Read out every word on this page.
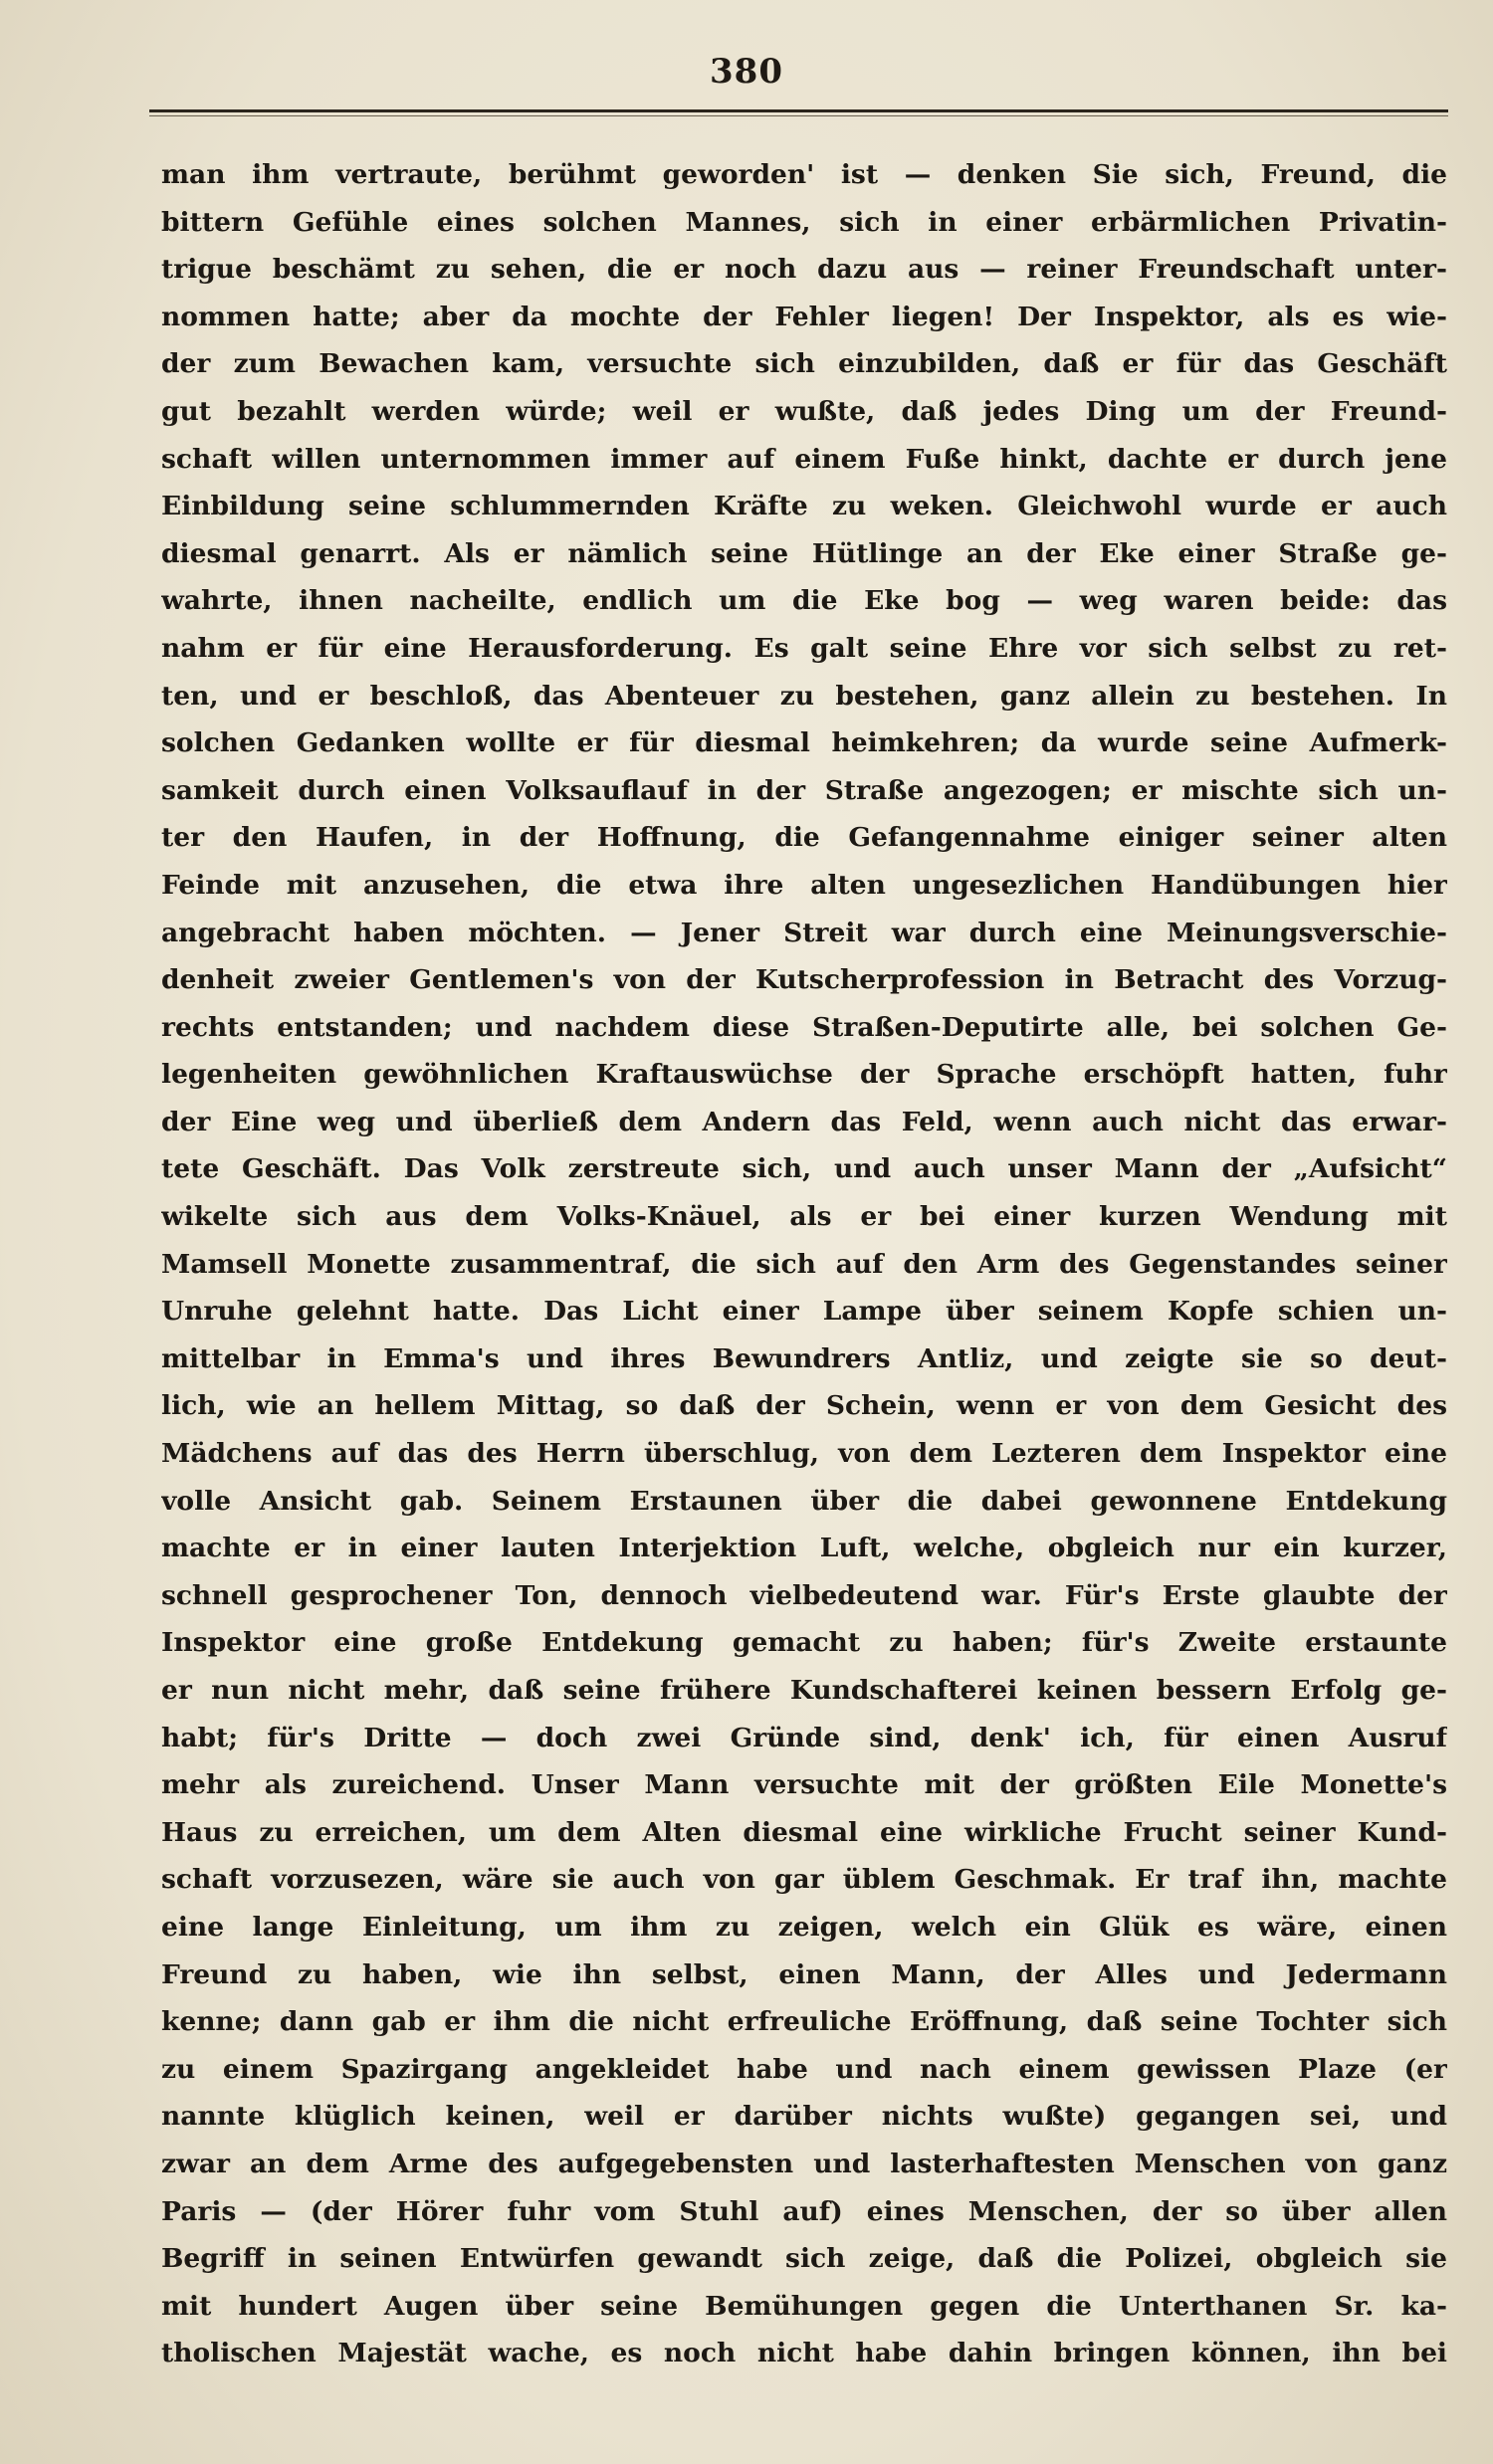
380
man ihm vertraute, berühmt geworden' ist — denken Sie sich, Freund, die
bittern Gefühle eines solchen Mannes, sich in einer erbärmlichen Privatin-
trigue beschämt zu sehen, die er noch dazu aus — reiner Freundschaft unter-
nommen hatte; aber da mochte der Fehler liegen! Der Inspektor, als es wie-
der zum Bewachen kam, versuchte sich einzubilden, daß er für das Geschäft
gut bezahlt werden würde; weil er wußte, daß jedes Ding um der Freund-
schaft willen unternommen immer auf einem Fuße hinkt, dachte er durch jene
Einbildung seine schlummernden Kräfte zu weken. Gleichwohl wurde er auch
diesmal genarrt. Als er nämlich seine Hütlinge an der Eke einer Straße ge-
wahrte, ihnen nacheilte, endlich um die Eke bog — weg waren beide: das
nahm er für eine Herausforderung. Es galt seine Ehre vor sich selbst zu ret-
ten, und er beschloß, das Abenteuer zu bestehen, ganz allein zu bestehen. In
solchen Gedanken wollte er für diesmal heimkehren; da wurde seine Aufmerk-
samkeit durch einen Volksauflauf in der Straße angezogen; er mischte sich un-
ter den Haufen, in der Hoffnung, die Gefangennahme einiger seiner alten
Feinde mit anzusehen, die etwa ihre alten ungesezlichen Handübungen hier
angebracht haben möchten. — Jener Streit war durch eine Meinungsverschie-
denheit zweier Gentlemen's von der Kutscherprofession in Betracht des Vorzug-
rechts entstanden; und nachdem diese Straßen-Deputirte alle, bei solchen Ge-
legenheiten gewöhnlichen Kraftauswüchse der Sprache erschöpft hatten, fuhr
der Eine weg und überließ dem Andern das Feld, wenn auch nicht das erwar-
tete Geschäft. Das Volk zerstreute sich, und auch unser Mann der „Aufsicht“
wikelte sich aus dem Volks-Knäuel, als er bei einer kurzen Wendung mit
Mamsell Monette zusammentraf, die sich auf den Arm des Gegenstandes seiner
Unruhe gelehnt hatte. Das Licht einer Lampe über seinem Kopfe schien un-
mittelbar in Emma's und ihres Bewundrers Antliz, und zeigte sie so deut-
lich, wie an hellem Mittag, so daß der Schein, wenn er von dem Gesicht des
Mädchens auf das des Herrn überschlug, von dem Lezteren dem Inspektor eine
volle Ansicht gab. Seinem Erstaunen über die dabei gewonnene Entdekung
machte er in einer lauten Interjektion Luft, welche, obgleich nur ein kurzer,
schnell gesprochener Ton, dennoch vielbedeutend war. Für's Erste glaubte der
Inspektor eine große Entdekung gemacht zu haben; für's Zweite erstaunte
er nun nicht mehr, daß seine frühere Kundschafterei keinen bessern Erfolg ge-
habt; für's Dritte — doch zwei Gründe sind, denk' ich, für einen Ausruf
mehr als zureichend. Unser Mann versuchte mit der größten Eile Monette's
Haus zu erreichen, um dem Alten diesmal eine wirkliche Frucht seiner Kund-
schaft vorzusezen, wäre sie auch von gar üblem Geschmak. Er traf ihn, machte
eine lange Einleitung, um ihm zu zeigen, welch ein Glük es wäre, einen
Freund zu haben, wie ihn selbst, einen Mann, der Alles und Jedermann
kenne; dann gab er ihm die nicht erfreuliche Eröffnung, daß seine Tochter sich
zu einem Spazirgang angekleidet habe und nach einem gewissen Plaze (er
nannte klüglich keinen, weil er darüber nichts wußte) gegangen sei, und
zwar an dem Arme des aufgegebensten und lasterhaftesten Menschen von ganz
Paris — (der Hörer fuhr vom Stuhl auf) eines Menschen, der so über allen
Begriff in seinen Entwürfen gewandt sich zeige, daß die Polizei, obgleich sie
mit hundert Augen über seine Bemühungen gegen die Unterthanen Sr. ka-
tholischen Majestät wache, es noch nicht habe dahin bringen können, ihn bei
